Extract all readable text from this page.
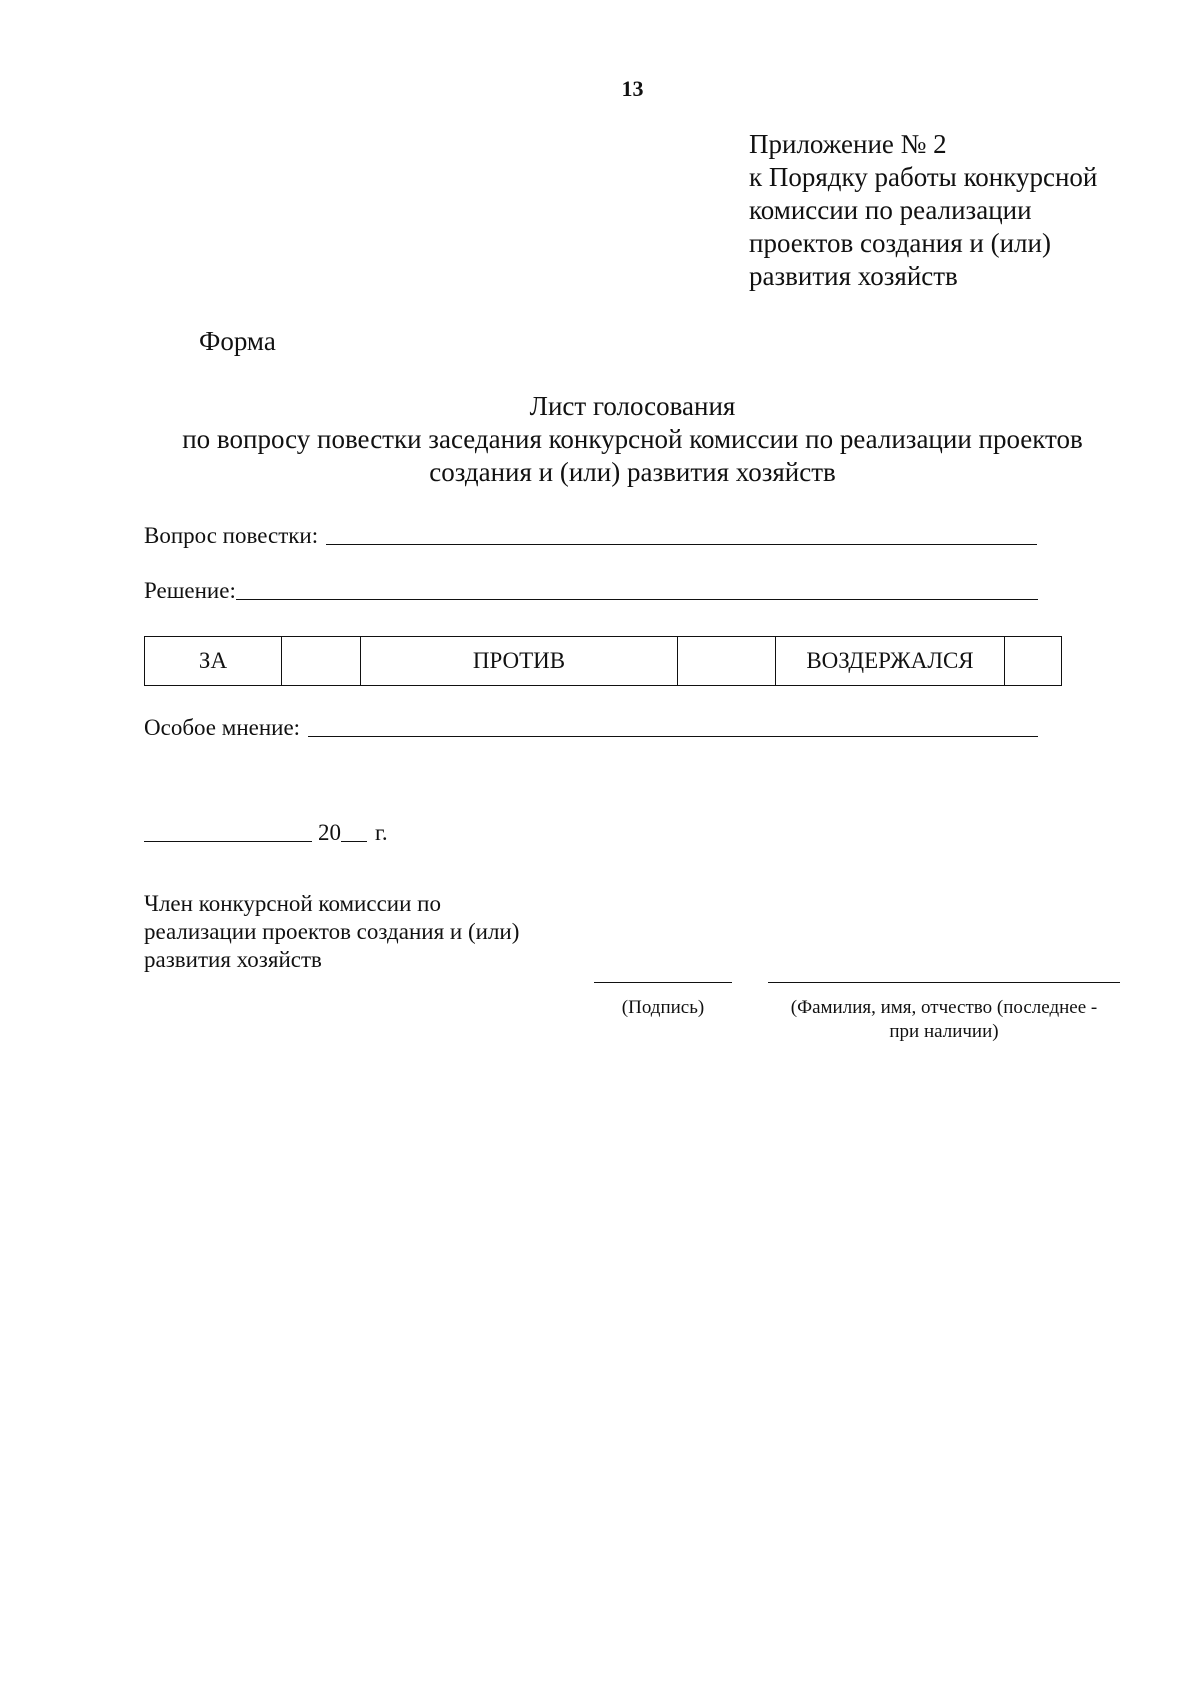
13
Приложение № 2
к Порядку работы конкурсной
комиссии по реализации
проектов создания и (или)
развития хозяйств
Форма
Лист голосования
по вопросу повестки заседания конкурсной комиссии по реализации проектов
создания и (или) развития хозяйств
Вопрос повестки:
Решение:
ЗА		ПРОТИВ		ВОЗДЕРЖАЛСЯ	
Особое мнение:
20 г.
Член конкурсной комиссии по
реализации проектов создания и (или)
развития хозяйств
(Подпись)	(Фамилия, имя, отчество (последнее -
при наличии)
